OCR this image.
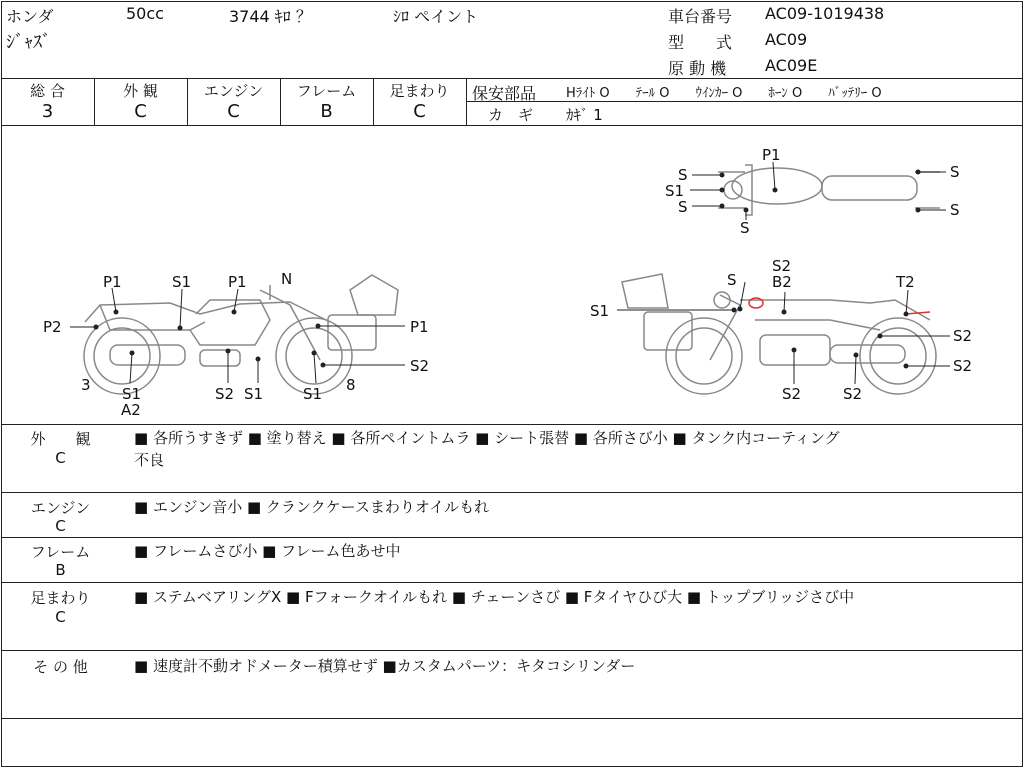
ホンダ	50cc	3744 ｷﾛ ？	ｼﾛ ペイント
ｼﾞｬｽﾞ
車台番号 AC09-1019438
型　　式 AC09
原 動 機 AC09E
総 合
3
外 観
C
エンジン
C
フレーム
B
足まわり
C
保安部品 Hﾗｲﾄ O　　ﾃｰﾙ O　　ｳｲﾝｶｰ O　　ﾎｰﾝ O　　ﾊﾞｯﾃﾘｰ O
カ　ギ ｶｷﾞ 1
P1	S1 P1 N
P2	P1
3 S1
A2
S2 S1	S1 8
S2
S
S2
B2	T2
S1
S2
S2
S2	S2
P1
S
S1
S
S
S
S
外　　観
C
■ 各所うすきず ■ 塗り替え ■ 各所ペイントムラ ■ シート張替 ■ 各所さび小 ■ タンク内コーティング
不良
エンジン
C
■ エンジン音小 ■ クランクケースまわりオイルもれ
フレーム
B
■ フレームさび小 ■ フレーム色あせ中
足まわり
C
■ ステムベアリングX ■ Fフォークオイルもれ ■ チェーンさび ■ Fタイヤひび大 ■ トップブリッジさび中
そ の 他	■ 速度計不動オドメーター積算せず ■カスタムパーツ：キタコシリンダー
